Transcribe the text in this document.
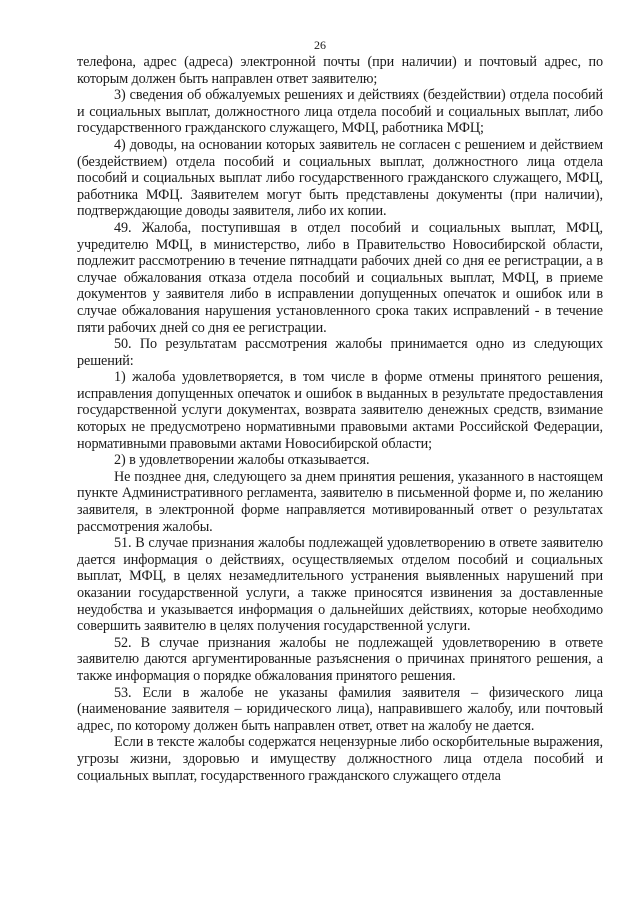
26

телефона, адрес (адреса) электронной почты (при наличии) и почтовый адрес, по которым должен быть направлен ответ заявителю;

3) сведения об обжалуемых решениях и действиях (бездействии) отдела пособий и социальных выплат, должностного лица отдела пособий и социальных выплат, либо государственного гражданского служащего, МФЦ, работника МФЦ;

4) доводы, на основании которых заявитель не согласен с решением и действием (бездействием) отдела пособий и социальных выплат, должностного лица отдела пособий и социальных выплат либо государственного гражданского служащего, МФЦ, работника МФЦ. Заявителем могут быть представлены документы (при наличии), подтверждающие доводы заявителя, либо их копии.

49. Жалоба, поступившая в отдел пособий и социальных выплат, МФЦ, учредителю МФЦ, в министерство, либо в Правительство Новосибирской области, подлежит рассмотрению в течение пятнадцати рабочих дней со дня ее регистрации, а в случае обжалования отказа отдела пособий и социальных выплат, МФЦ, в приеме документов у заявителя либо в исправлении допущенных опечаток и ошибок или в случае обжалования нарушения установленного срока таких исправлений - в течение пяти рабочих дней со дня ее регистрации.

50. По результатам рассмотрения жалобы принимается одно из следующих решений:

1) жалоба удовлетворяется, в том числе в форме отмены принятого решения, исправления допущенных опечаток и ошибок в выданных в результате предоставления государственной услуги документах, возврата заявителю денежных средств, взимание которых не предусмотрено нормативными правовыми актами Российской Федерации, нормативными правовыми актами Новосибирской области;

2) в удовлетворении жалобы отказывается.

Не позднее дня, следующего за днем принятия решения, указанного в настоящем пункте Административного регламента, заявителю в письменной форме и, по желанию заявителя, в электронной форме направляется мотивированный ответ о результатах рассмотрения жалобы.

51. В случае признания жалобы подлежащей удовлетворению в ответе заявителю дается информация о действиях, осуществляемых отделом пособий и социальных выплат, МФЦ, в целях незамедлительного устранения выявленных нарушений при оказании государственной услуги, а также приносятся извинения за доставленные неудобства и указывается информация о дальнейших действиях, которые необходимо совершить заявителю в целях получения государственной услуги.

52. В случае признания жалобы не подлежащей удовлетворению в ответе заявителю даются аргументированные разъяснения о причинах принятого решения, а также информация о порядке обжалования принятого решения.

53. Если в жалобе не указаны фамилия заявителя – физического лица (наименование заявителя – юридического лица), направившего жалобу, или почтовый адрес, по которому должен быть направлен ответ, ответ на жалобу не дается.

Если в тексте жалобы содержатся нецензурные либо оскорбительные выражения, угрозы жизни, здоровью и имуществу должностного лица отдела пособий и социальных выплат, государственного гражданского служащего отдела
